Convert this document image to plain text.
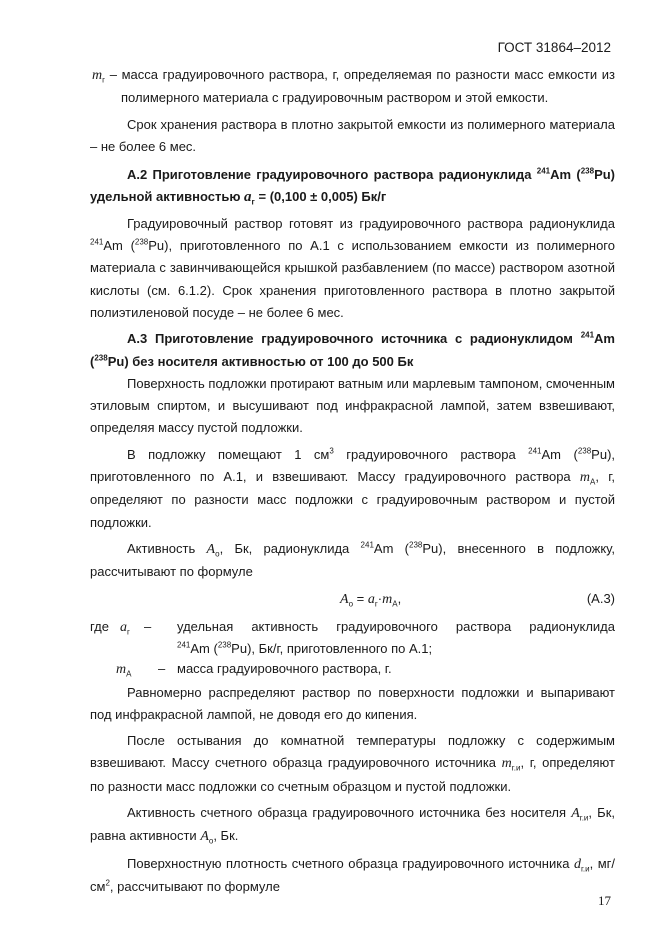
ГОСТ 31864–2012

$m_г$ – масса градуировочного раствора, г, определяемая по разности масс емкости из полимерного материала с градуировочным раствором и этой емкости.

Срок хранения раствора в плотно закрытой емкости из полимерного материала – не более 6 мес.

А.2 Приготовление градуировочного раствора радионуклида $^{241}$Am ($^{238}$Pu) удельной активностью $a_г = (0,100 \pm 0,005)$ Бк/г

Градуировочный раствор готовят из градуировочного раствора радионуклида $^{241}$Am ($^{238}$Pu), приготовленного по А.1 с использованием емкости из полимерного материала с завинчивающейся крышкой разбавлением (по массе) раствором азотной кислоты (см. 6.1.2). Срок хранения приготовленного раствора в плотно закрытой полиэтиленовой посуде – не более 6 мес.

А.3 Приготовление градуировочного источника с радионуклидом $^{241}$Am ($^{238}$Pu) без носителя активностью от 100 до 500 Бк

Поверхность подложки протирают ватным или марлевым тампоном, смоченным этиловым спиртом, и высушивают под инфракрасной лампой, затем взвешивают, определяя массу пустой подложки.

В подложку помещают 1 $см^3$ градуировочного раствора $^{241}$Am ($^{238}$Pu), приготовленного по А.1, и взвешивают. Массу градуировочного раствора $m_A$, г, определяют по разности масс подложки с градуировочным раствором и пустой подложки.

Активность $A_о$, Бк, радионуклида $^{241}$Am ($^{238}$Pu), внесенного в подложку, рассчитывают по формуле

$A_о = a_г\cdot m_A$,	(А.3)
где $a_г$ – удельная активность градуировочного раствора радионуклида
$^{241}$Am ($^{238}$Pu), Бк/г, приготовленного по А.1;
$m_A$ – масса градуировочного раствора, г.

Равномерно распределяют раствор по поверхности подложки и выпаривают под инфракрасной лампой, не доводя его до кипения.

После остывания до комнатной температуры подложку с содержимым взвешивают. Массу счетного образца градуировочного источника $m_{г.и}$, г, определяют по разности масс подложки со счетным образцом и пустой подложки.

Активность счетного образца градуировочного источника без носителя $A_{г.и}$, Бк, равна активности $A_о$, Бк.

Поверхностную плотность счетного образца градуировочного источника $d_{г.и}$, $мг/см^2$, рассчитывают по формуле

17
